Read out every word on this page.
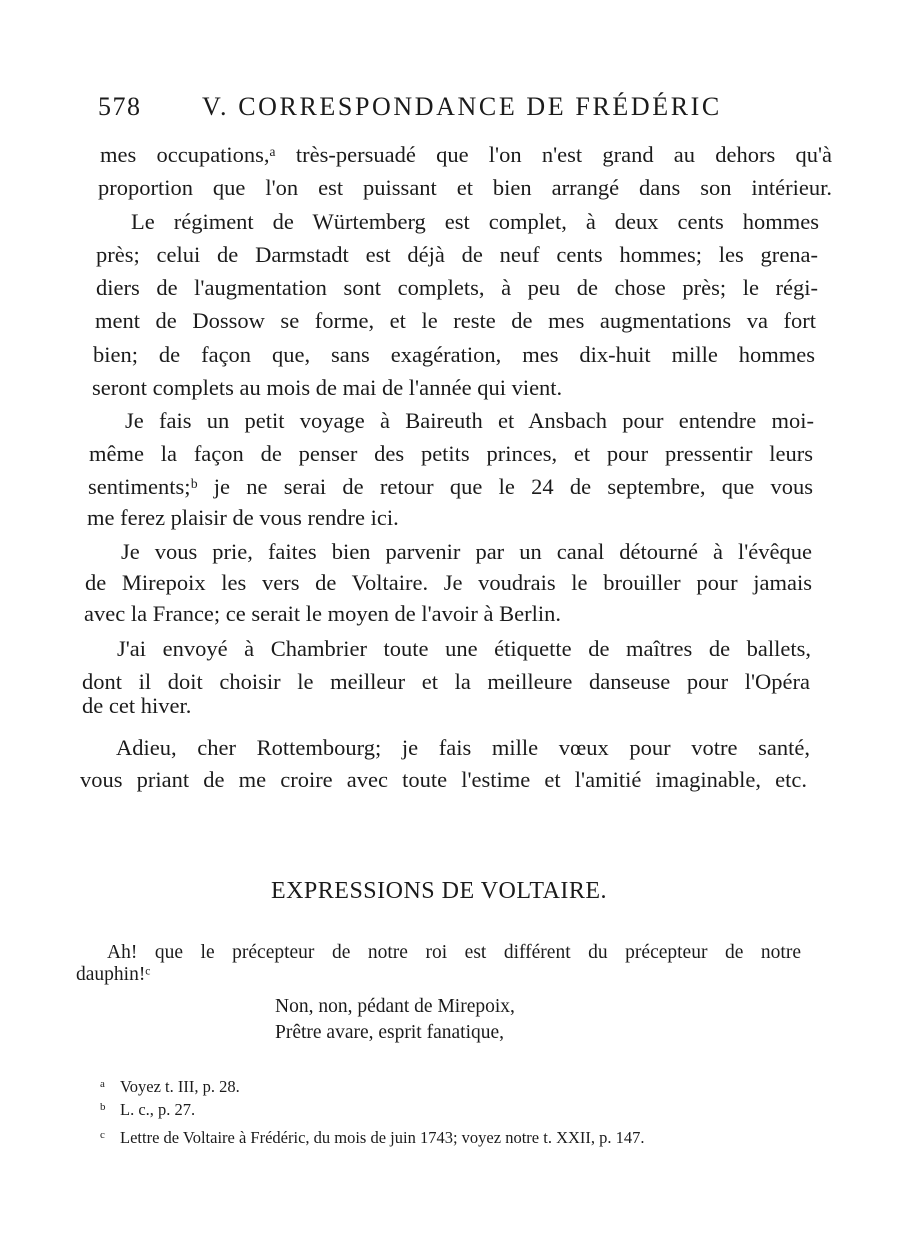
578 V. CORRESPONDANCE DE FRÉDÉRIC
mes occupations,ᵃ très-persuadé que l'on n'est grand au dehors qu'à
proportion que l'on est puissant et bien arrangé dans son intérieur.
Le régiment de Würtemberg est complet, à deux cents hommes
près; celui de Darmstadt est déjà de neuf cents hommes; les grena-
diers de l'augmentation sont complets, à peu de chose près; le régi-
ment de Dossow se forme, et le reste de mes augmentations va fort
bien; de façon que, sans exagération, mes dix-huit mille hommes
seront complets au mois de mai de l'année qui vient.
Je fais un petit voyage à Baireuth et Ansbach pour entendre moi-
même la façon de penser des petits princes, et pour pressentir leurs
sentiments;ᵇ je ne serai de retour que le 24 de septembre, que vous
me ferez plaisir de vous rendre ici.
Je vous prie, faites bien parvenir par un canal détourné à l'évêque
de Mirepoix les vers de Voltaire. Je voudrais le brouiller pour jamais
avec la France; ce serait le moyen de l'avoir à Berlin.
J'ai envoyé à Chambrier toute une étiquette de maîtres de ballets,
dont il doit choisir le meilleur et la meilleure danseuse pour l'Opéra
de cet hiver.
Adieu, cher Rottembourg; je fais mille vœux pour votre santé,
vous priant de me croire avec toute l'estime et l'amitié imaginable, etc.
EXPRESSIONS DE VOLTAIRE.
Ah! que le précepteur de notre roi est différent du précepteur de notre
dauphin!ᶜ
Non, non, pédant de Mirepoix,
Prêtre avare, esprit fanatique,
a Voyez t. III, p. 28.
b L. c., p. 27.
c Lettre de Voltaire à Frédéric, du mois de juin 1743; voyez notre t. XXII, p. 147.
